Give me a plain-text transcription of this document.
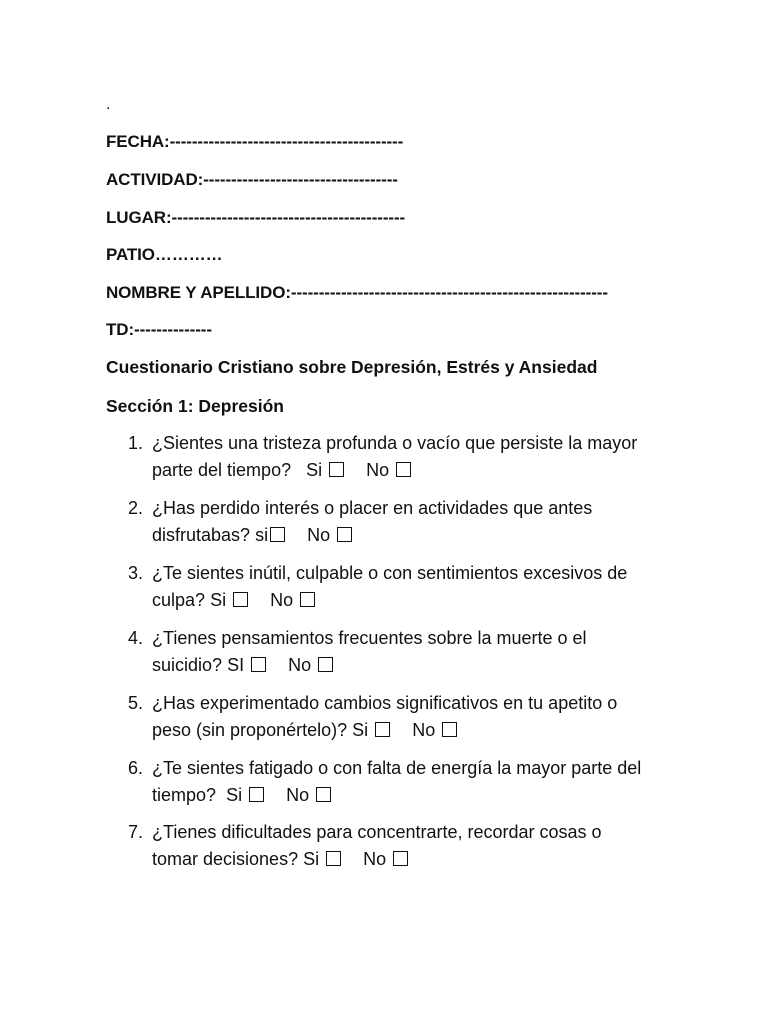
.
FECHA:------------------------------------------
ACTIVIDAD:-----------------------------------
LUGAR:------------------------------------------
PATIO…………
NOMBRE Y APELLIDO:---------------------------------------------------------
TD:--------------
Cuestionario Cristiano sobre Depresión, Estrés y Ansiedad
Sección 1: Depresión
1. ¿Sientes una tristeza profunda o vacío que persiste la mayor
parte del tiempo? Si No
2. ¿Has perdido interés o placer en actividades que antes
disfrutabas? si No
3. ¿Te sientes inútil, culpable o con sentimientos excesivos de
culpa? Si No
4. ¿Tienes pensamientos frecuentes sobre la muerte o el
suicidio? SI No
5. ¿Has experimentado cambios significativos en tu apetito o
peso (sin proponértelo)? Si No
6. ¿Te sientes fatigado o con falta de energía la mayor parte del
tiempo? Si No
7. ¿Tienes dificultades para concentrarte, recordar cosas o
tomar decisiones? Si No
